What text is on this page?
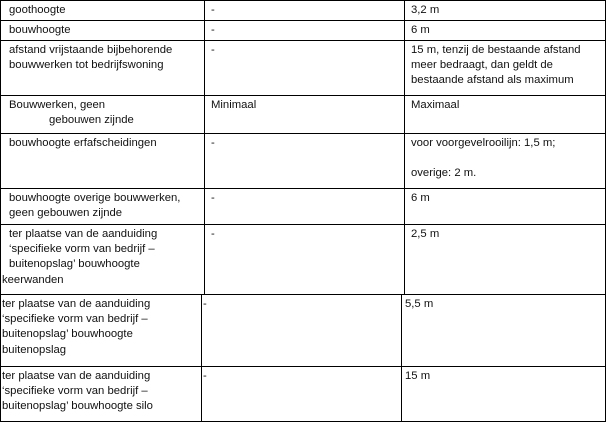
goothoogte	-	3,2 m
bouwhoogte	-	6 m
afstand vrijstaande bijbehorende
bouwwerken tot bedrijfswoning
-	15 m, tenzij de bestaande afstand
meer bedraagt, dan geldt de
bestaande afstand als maximum
Bouwwerken, geen
gebouwen zijnde
Minimaal	Maximaal
bouwhoogte erfafscheidingen	-	voor voorgevelrooilijn: 1,5 m;
overige: 2 m.
bouwhoogte overige bouwwerken,
geen gebouwen zijnde
-	6 m
ter plaatse van de aanduiding
‘specifieke vorm van bedrijf –
buitenopslag’ bouwhoogte
keerwanden
-	2,5 m
ter plaatse van de aanduiding
‘specifieke vorm van bedrijf –
buitenopslag’ bouwhoogte
buitenopslag
-	5,5 m
ter plaatse van de aanduiding
‘specifieke vorm van bedrijf –
buitenopslag’ bouwhoogte silo
-	15 m
